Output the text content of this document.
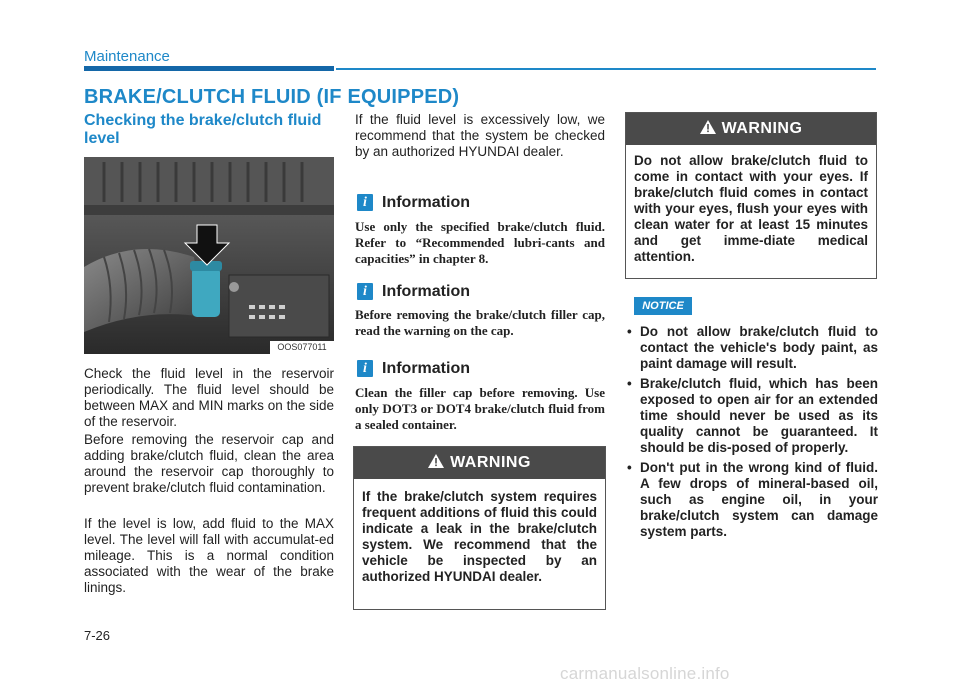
Maintenance
BRAKE/CLUTCH FLUID (IF EQUIPPED)
Checking the brake/clutch fluid level
OOS077011
Check the fluid level in the reservoir periodically. The fluid level should be between MAX and MIN marks on the side of the reservoir.
Before removing the reservoir cap and adding brake/clutch fluid, clean the area around the reservoir cap thoroughly to prevent brake/clutch fluid contamination.
If the level is low, add fluid to the MAX level. The level will fall with accumulat-ed mileage. This is a normal condition associated with the wear of the brake linings.
If the fluid level is excessively low, we recommend that the system be checked by an authorized HYUNDAI dealer.
i Information
Use only the specified brake/clutch fluid. Refer to “Recommended lubri-cants and capacities” in chapter 8.
i Information
Before removing the brake/clutch filler cap, read the warning on the cap.
i Information
Clean the filler cap before removing. Use only DOT3 or DOT4 brake/clutch fluid from a sealed container.
WARNING
If the brake/clutch system requires frequent additions of fluid this could indicate a leak in the brake/clutch system. We recommend that the vehicle be inspected by an authorized HYUNDAI dealer.
WARNING
Do not allow brake/clutch fluid to come in contact with your eyes. If brake/clutch fluid comes in contact with your eyes, flush your eyes with clean water for at least 15 minutes and get imme-diate medical attention.
NOTICE
• Do not allow brake/clutch fluid to contact the vehicle's body paint, as paint damage will result.
• Brake/clutch fluid, which has been exposed to open air for an extended time should never be used as its quality cannot be guaranteed. It should be dis-posed of properly.
• Don't put in the wrong kind of fluid. A few drops of mineral-based oil, such as engine oil, in your brake/clutch system can damage system parts.
7-26
carmanualsonline.info
